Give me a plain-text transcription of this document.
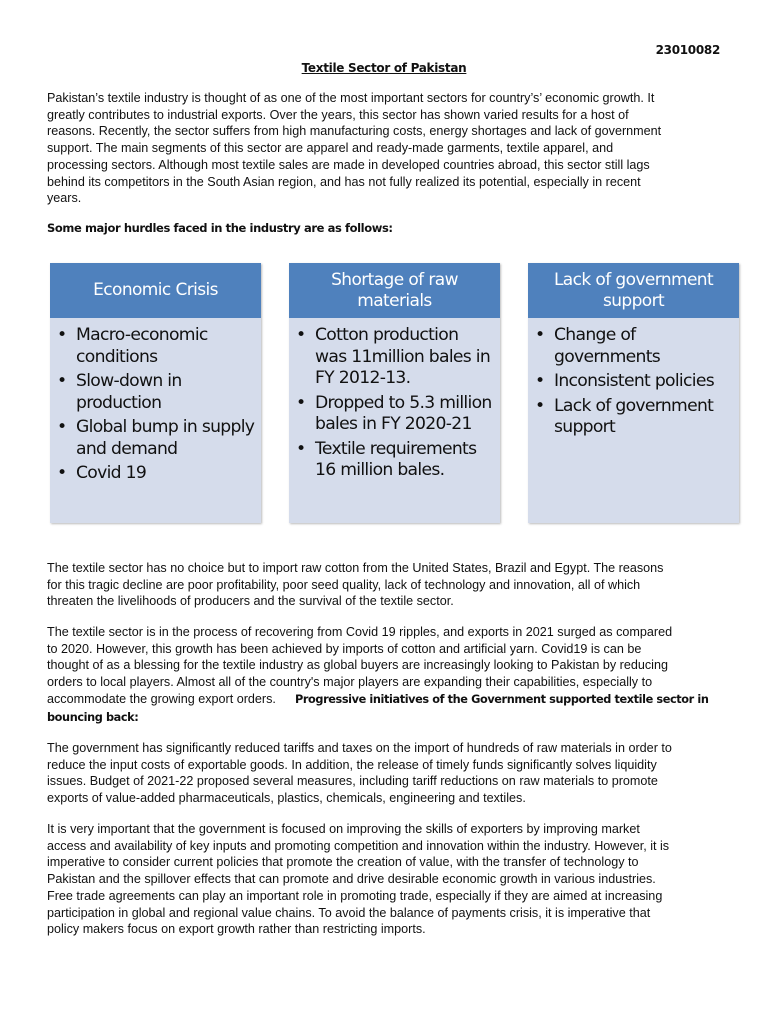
23010082
Textile Sector of Pakistan
Pakistan’s textile industry is thought of as one of the most important sectors for country’s’ economic growth. It
greatly contributes to industrial exports. Over the years, this sector has shown varied results for a host of
reasons. Recently, the sector suffers from high manufacturing costs, energy shortages and lack of government
support. The main segments of this sector are apparel and ready-made garments, textile apparel, and
processing sectors. Although most textile sales are made in developed countries abroad, this sector still lags
behind its competitors in the South Asian region, and has not fully realized its potential, especially in recent
years.
Some major hurdles faced in the industry are as follows:
Economic Crisis
• Macro-economic conditions
• Slow-down in production
• Global bump in supply and demand
• Covid 19
Shortage of raw materials
• Cotton production was 11million bales in FY 2012-13.
• Dropped to 5.3 million bales in FY 2020-21
• Textile requirements 16 million bales.
Lack of government support
• Change of governments
• Inconsistent policies
• Lack of government support
The textile sector has no choice but to import raw cotton from the United States, Brazil and Egypt. The reasons
for this tragic decline are poor profitability, poor seed quality, lack of technology and innovation, all of which
threaten the livelihoods of producers and the survival of the textile sector.
The textile sector is in the process of recovering from Covid 19 ripples, and exports in 2021 surged as compared
to 2020. However, this growth has been achieved by imports of cotton and artificial yarn. Covid19 is can be
thought of as a blessing for the textile industry as global buyers are increasingly looking to Pakistan by reducing
orders to local players. Almost all of the country's major players are expanding their capabilities, especially to
accommodate the growing export orders.	Progressive initiatives of the Government supported textile sector in
bouncing back:
The government has significantly reduced tariffs and taxes on the import of hundreds of raw materials in order to
reduce the input costs of exportable goods. In addition, the release of timely funds significantly solves liquidity
issues. Budget of 2021-22 proposed several measures, including tariff reductions on raw materials to promote
exports of value-added pharmaceuticals, plastics, chemicals, engineering and textiles.
It is very important that the government is focused on improving the skills of exporters by improving market
access and availability of key inputs and promoting competition and innovation within the industry. However, it is
imperative to consider current policies that promote the creation of value, with the transfer of technology to
Pakistan and the spillover effects that can promote and drive desirable economic growth in various industries.
Free trade agreements can play an important role in promoting trade, especially if they are aimed at increasing
participation in global and regional value chains. To avoid the balance of payments crisis, it is imperative that
policy makers focus on export growth rather than restricting imports.
